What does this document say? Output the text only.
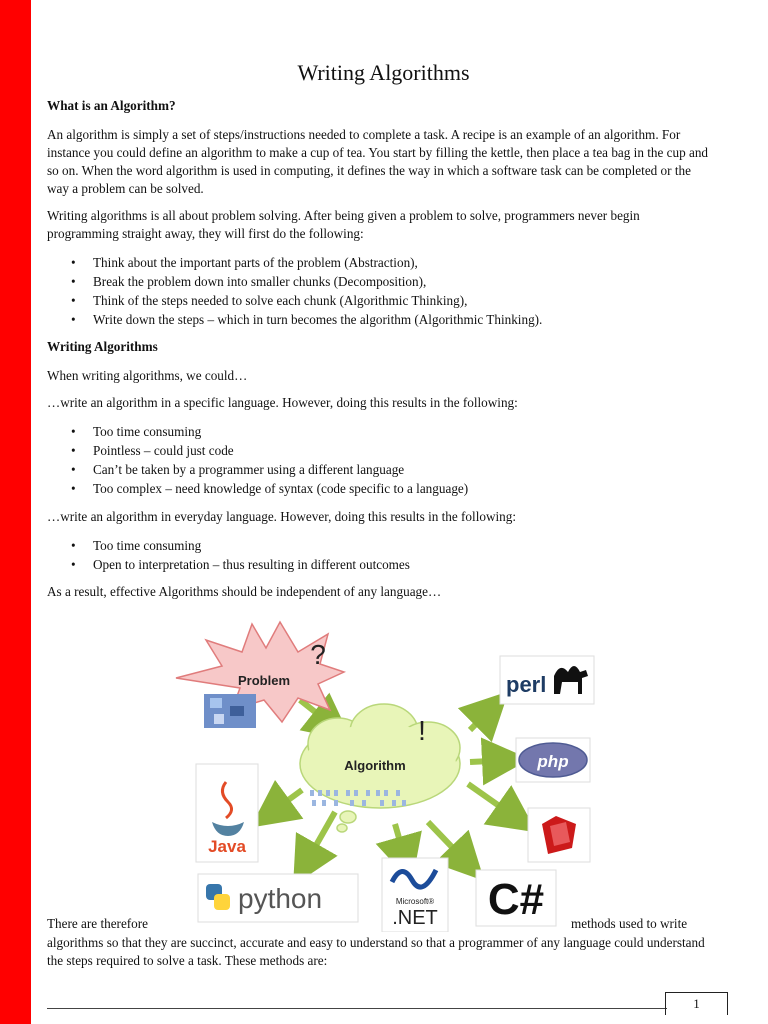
Writing Algorithms
What is an Algorithm?

An algorithm is simply a set of steps/instructions needed to complete a task. A recipe is an example of an algorithm. For instance you could define an algorithm to make a cup of tea. You start by filling the kettle, then place a tea bag in the cup and so on. When the word algorithm is used in computing, it defines the way in which a software task can be completed or the way a problem can be solved.

Writing algorithms is all about problem solving. After being given a problem to solve, programmers never begin programming straight away, they will first do the following:

• Think about the important parts of the problem (Abstraction),
• Break the problem down into smaller chunks (Decomposition),
• Think of the steps needed to solve each chunk (Algorithmic Thinking),
• Write down the steps – which in turn becomes the algorithm (Algorithmic Thinking).
Writing Algorithms

When writing algorithms, we could…

…write an algorithm in a specific language. However, doing this results in the following:

• Too time consuming
• Pointless – could just code
• Can’t be taken by a programmer using a different language
• Too complex – need knowledge of syntax (code specific to a language)

…write an algorithm in everyday language. However, doing this results in the following:

• Too time consuming
• Open to interpretation – thus resulting in different outcomes

As a result, effective Algorithms should be independent of any language…

There are therefore	methods used to write

algorithms so that they are succinct, accurate and easy to understand so that a programmer of any language could understand the steps required to solve a task. These methods are:

Problem
?
Algorithm
!
perl
php
Java
python	Microsoft®
.NET C#
1
